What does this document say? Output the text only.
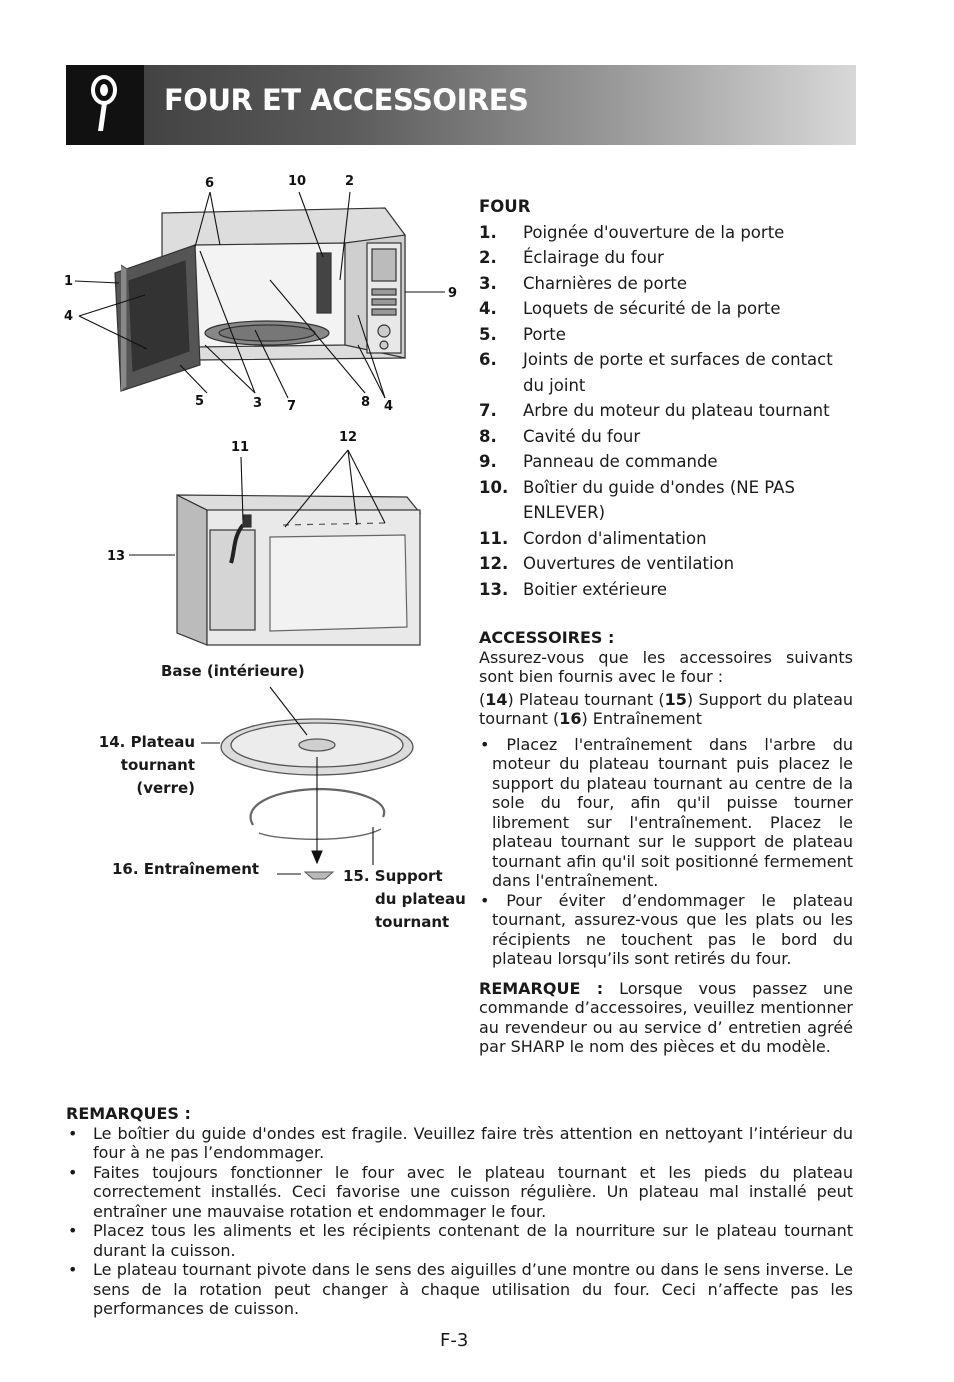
FOUR ET ACCESSOIRES
6	10	2
1
4
9
5	3 7	8 4
11
12
13
Base (intérieure)
14. Plateau
tournant
(verre)
16. Entraînement	15. Support
du plateau
tournant
FOUR
1. Poignée d'ouverture de la porte
2. Éclairage du four
3. Charnières de porte
4. Loquets de sécurité de la porte
5. Porte
6. Joints de porte et surfaces de contact du joint
7. Arbre du moteur du plateau tournant
8. Cavité du four
9. Panneau de commande
10. Boîtier du guide d'ondes (NE PAS ENLEVER)
11. Cordon d'alimentation
12. Ouvertures de ventilation
13. Boitier extérieure

ACCESSOIRES :

Assurez-vous que les accessoires suivants sont bien fournis avec le four :

(14) Plateau tournant (15) Support du plateau tournant (16) Entraînement

• Placez l'entraînement dans l'arbre du moteur du plateau tournant puis placez le support du plateau tournant au centre de la sole du four, afin qu'il puisse tourner librement sur l'entraînement. Placez le plateau tournant sur le support de plateau tournant afin qu'il soit positionné fermement dans l'entraînement.

• Pour éviter d’endommager le plateau tournant, assurez-vous que les plats ou les récipients ne touchent pas le bord du plateau lorsqu’ils sont retirés du four.

REMARQUE : Lorsque vous passez une commande d’accessoires, veuillez mentionner au revendeur ou au service d’ entretien agréé par SHARP le nom des pièces et du modèle.

REMARQUES :
• Le boîtier du guide d'ondes est fragile. Veuillez faire très attention en nettoyant l’intérieur du four à ne pas l’endommager.
• Faites toujours fonctionner le four avec le plateau tournant et les pieds du plateau correctement installés. Ceci favorise une cuisson régulière. Un plateau mal installé peut entraîner une mauvaise rotation et endommager le four.
• Placez tous les aliments et les récipients contenant de la nourriture sur le plateau tournant durant la cuisson.
• Le plateau tournant pivote dans le sens des aiguilles d’une montre ou dans le sens inverse. Le sens de la rotation peut changer à chaque utilisation du four. Ceci n’affecte pas les performances de cuisson.
F-3
